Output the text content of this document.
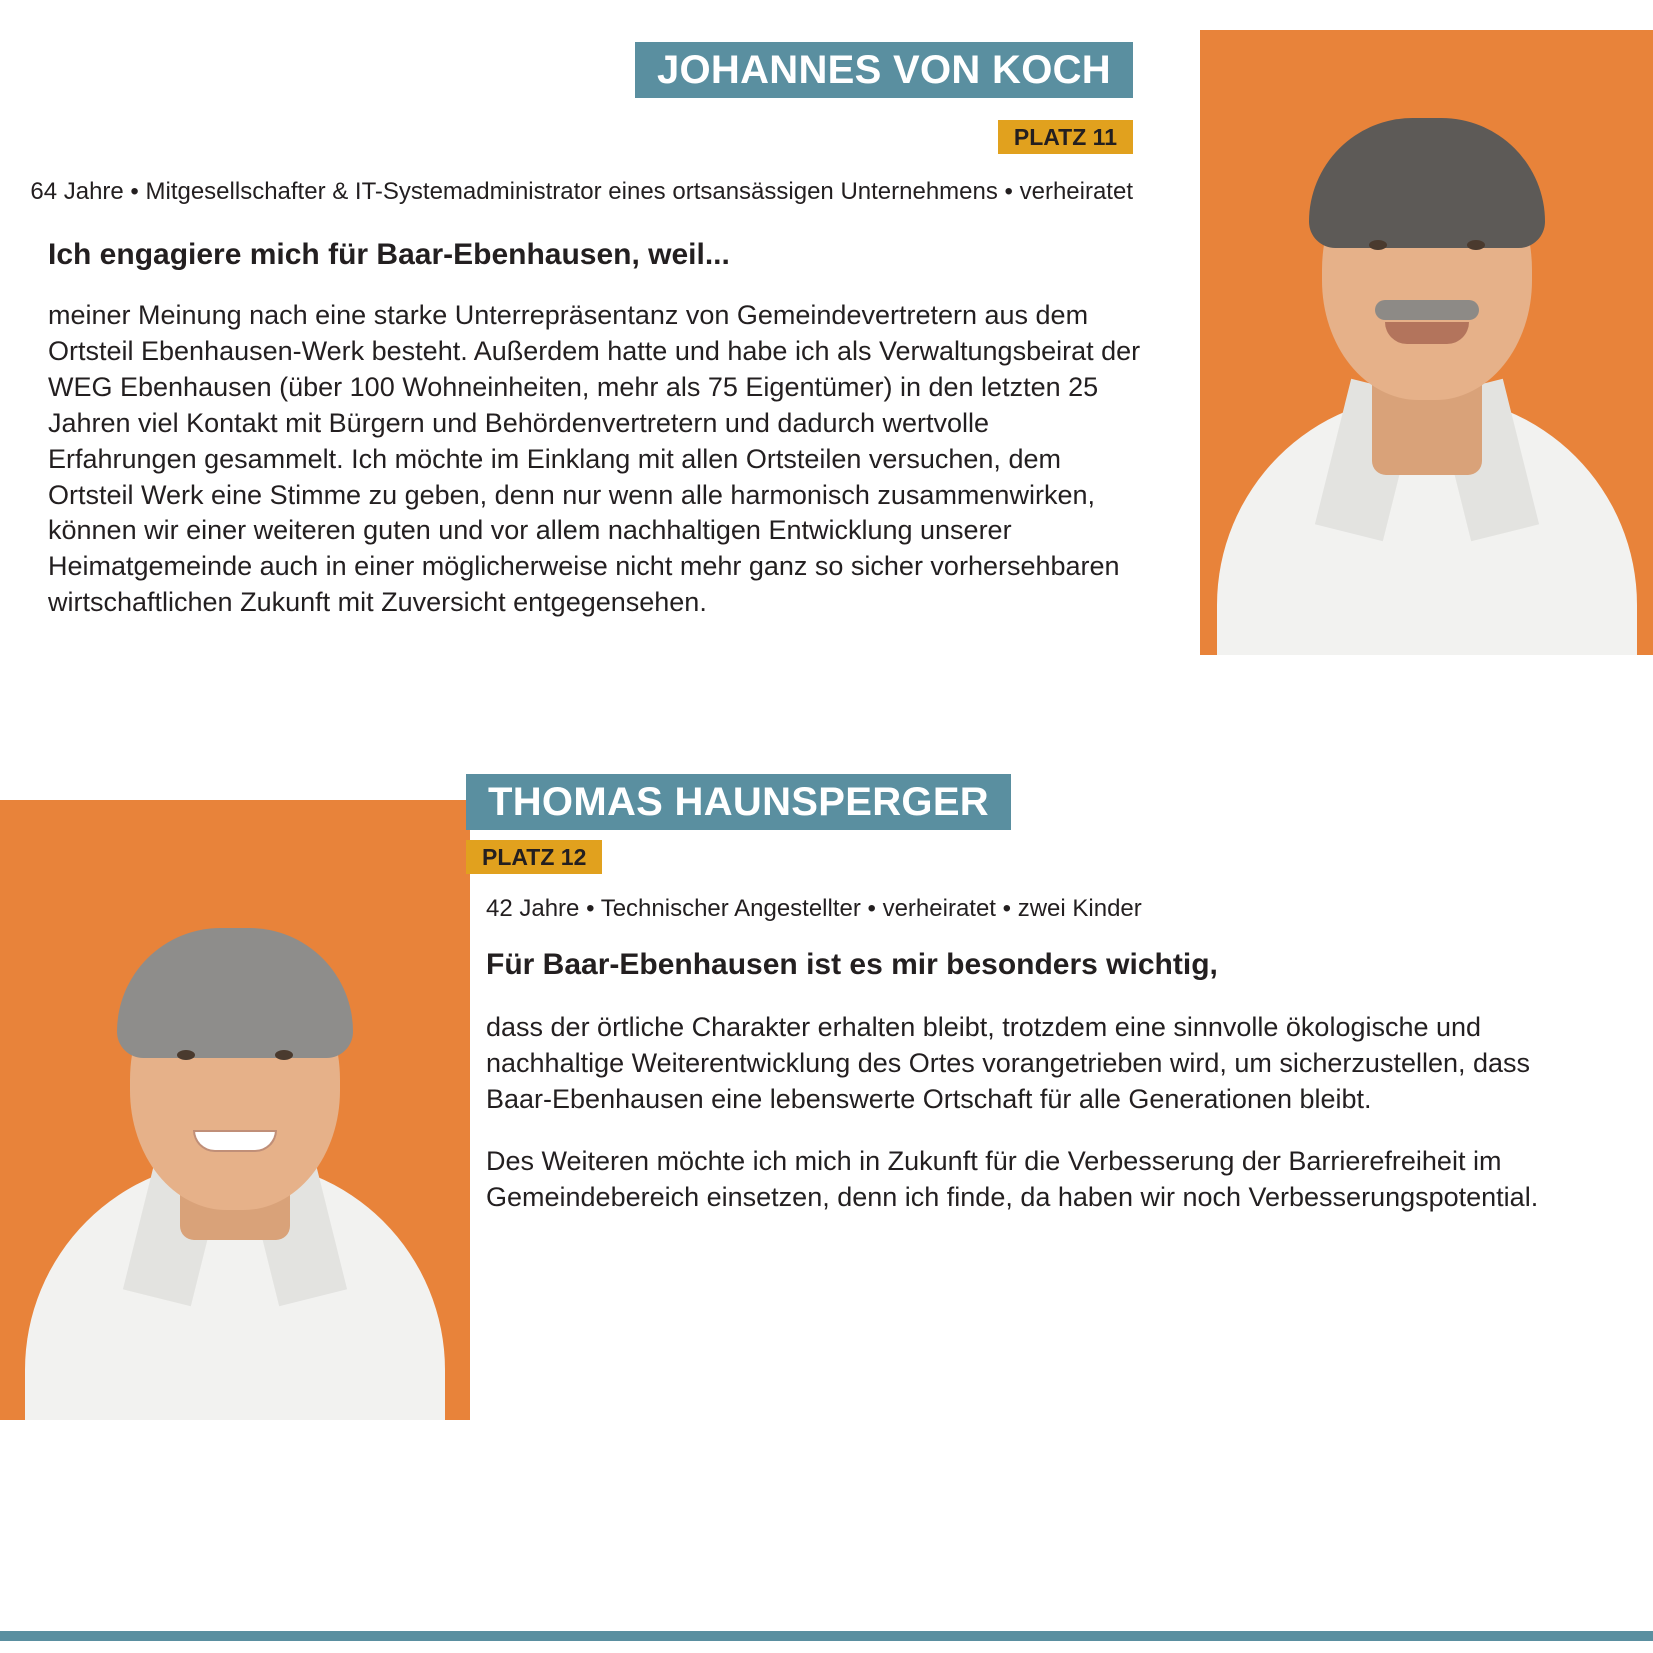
JOHANNES VON KOCH
PLATZ 11
64 Jahre • Mitgesellschafter & IT-Systemadministrator eines ortsansässigen Unternehmens • verheiratet
Ich engagiere mich für Baar-Ebenhausen, weil...

meiner Meinung nach eine starke Unterrepräsentanz von Gemeindevertretern aus dem Ortsteil Ebenhausen-Werk besteht. Außerdem hatte und habe ich als Verwaltungsbeirat der WEG Ebenhausen (über 100 Wohneinheiten, mehr als 75 Eigentümer) in den letzten 25 Jahren viel Kontakt mit Bürgern und Behördenvertretern und dadurch wertvolle Erfahrungen gesammelt. Ich möchte im Einklang mit allen Ortsteilen versuchen, dem Ortsteil Werk eine Stimme zu geben, denn nur wenn alle harmonisch zusammenwirken, können wir einer weiteren guten und vor allem nachhaltigen Entwicklung unserer Heimatgemeinde auch in einer möglicherweise nicht mehr ganz so sicher vorhersehbaren wirtschaftlichen Zukunft mit Zuversicht entgegensehen.

THOMAS HAUNSPERGER
PLATZ 12
42 Jahre • Technischer Angestellter • verheiratet • zwei Kinder
Für Baar-Ebenhausen ist es mir besonders wichtig,

dass der örtliche Charakter erhalten bleibt, trotzdem eine sinnvolle ökologische und nachhaltige Weiterentwicklung des Ortes vorangetrieben wird, um sicherzustellen, dass Baar-Ebenhausen eine lebenswerte Ortschaft für alle Generationen bleibt.

Des Weiteren möchte ich mich in Zukunft für die Verbesserung der Barrierefreiheit im Gemeindebereich einsetzen, denn ich finde, da haben wir noch Verbesserungspotential.
